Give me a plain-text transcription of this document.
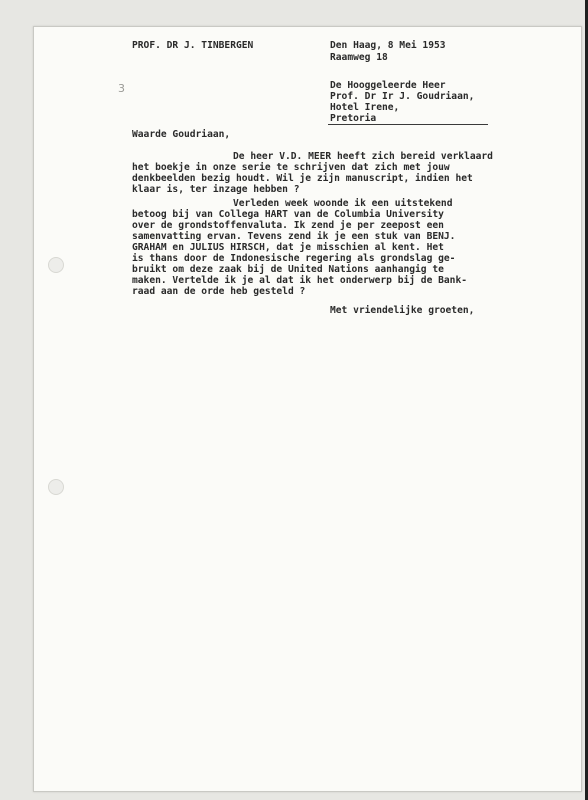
PROF. DR J. TINBERGEN	Den Haag, 8 Mei 1953
Raamweg 18
3	De Hooggeleerde Heer
Prof. Dr Ir J. Goudriaan,
Hotel Irene,
Pretoria
Waarde Goudriaan,
De heer V.D. MEER heeft zich bereid verklaard
het boekje in onze serie te schrijven dat zich met jouw
denkbeelden bezig houdt. Wil je zijn manuscript, indien het
klaar is, ter inzage hebben ?
Verleden week woonde ik een uitstekend
betoog bij van Collega HART van de Columbia University
over de grondstoffenvaluta. Ik zend je per zeepost een
samenvatting ervan. Tevens zend ik je een stuk van BENJ.
GRAHAM en JULIUS HIRSCH, dat je misschien al kent. Het
is thans door de Indonesische regering als grondslag ge-
bruikt om deze zaak bij de United Nations aanhangig te
maken. Vertelde ik je al dat ik het onderwerp bij de Bank-
raad aan de orde heb gesteld ?
Met vriendelijke groeten,
